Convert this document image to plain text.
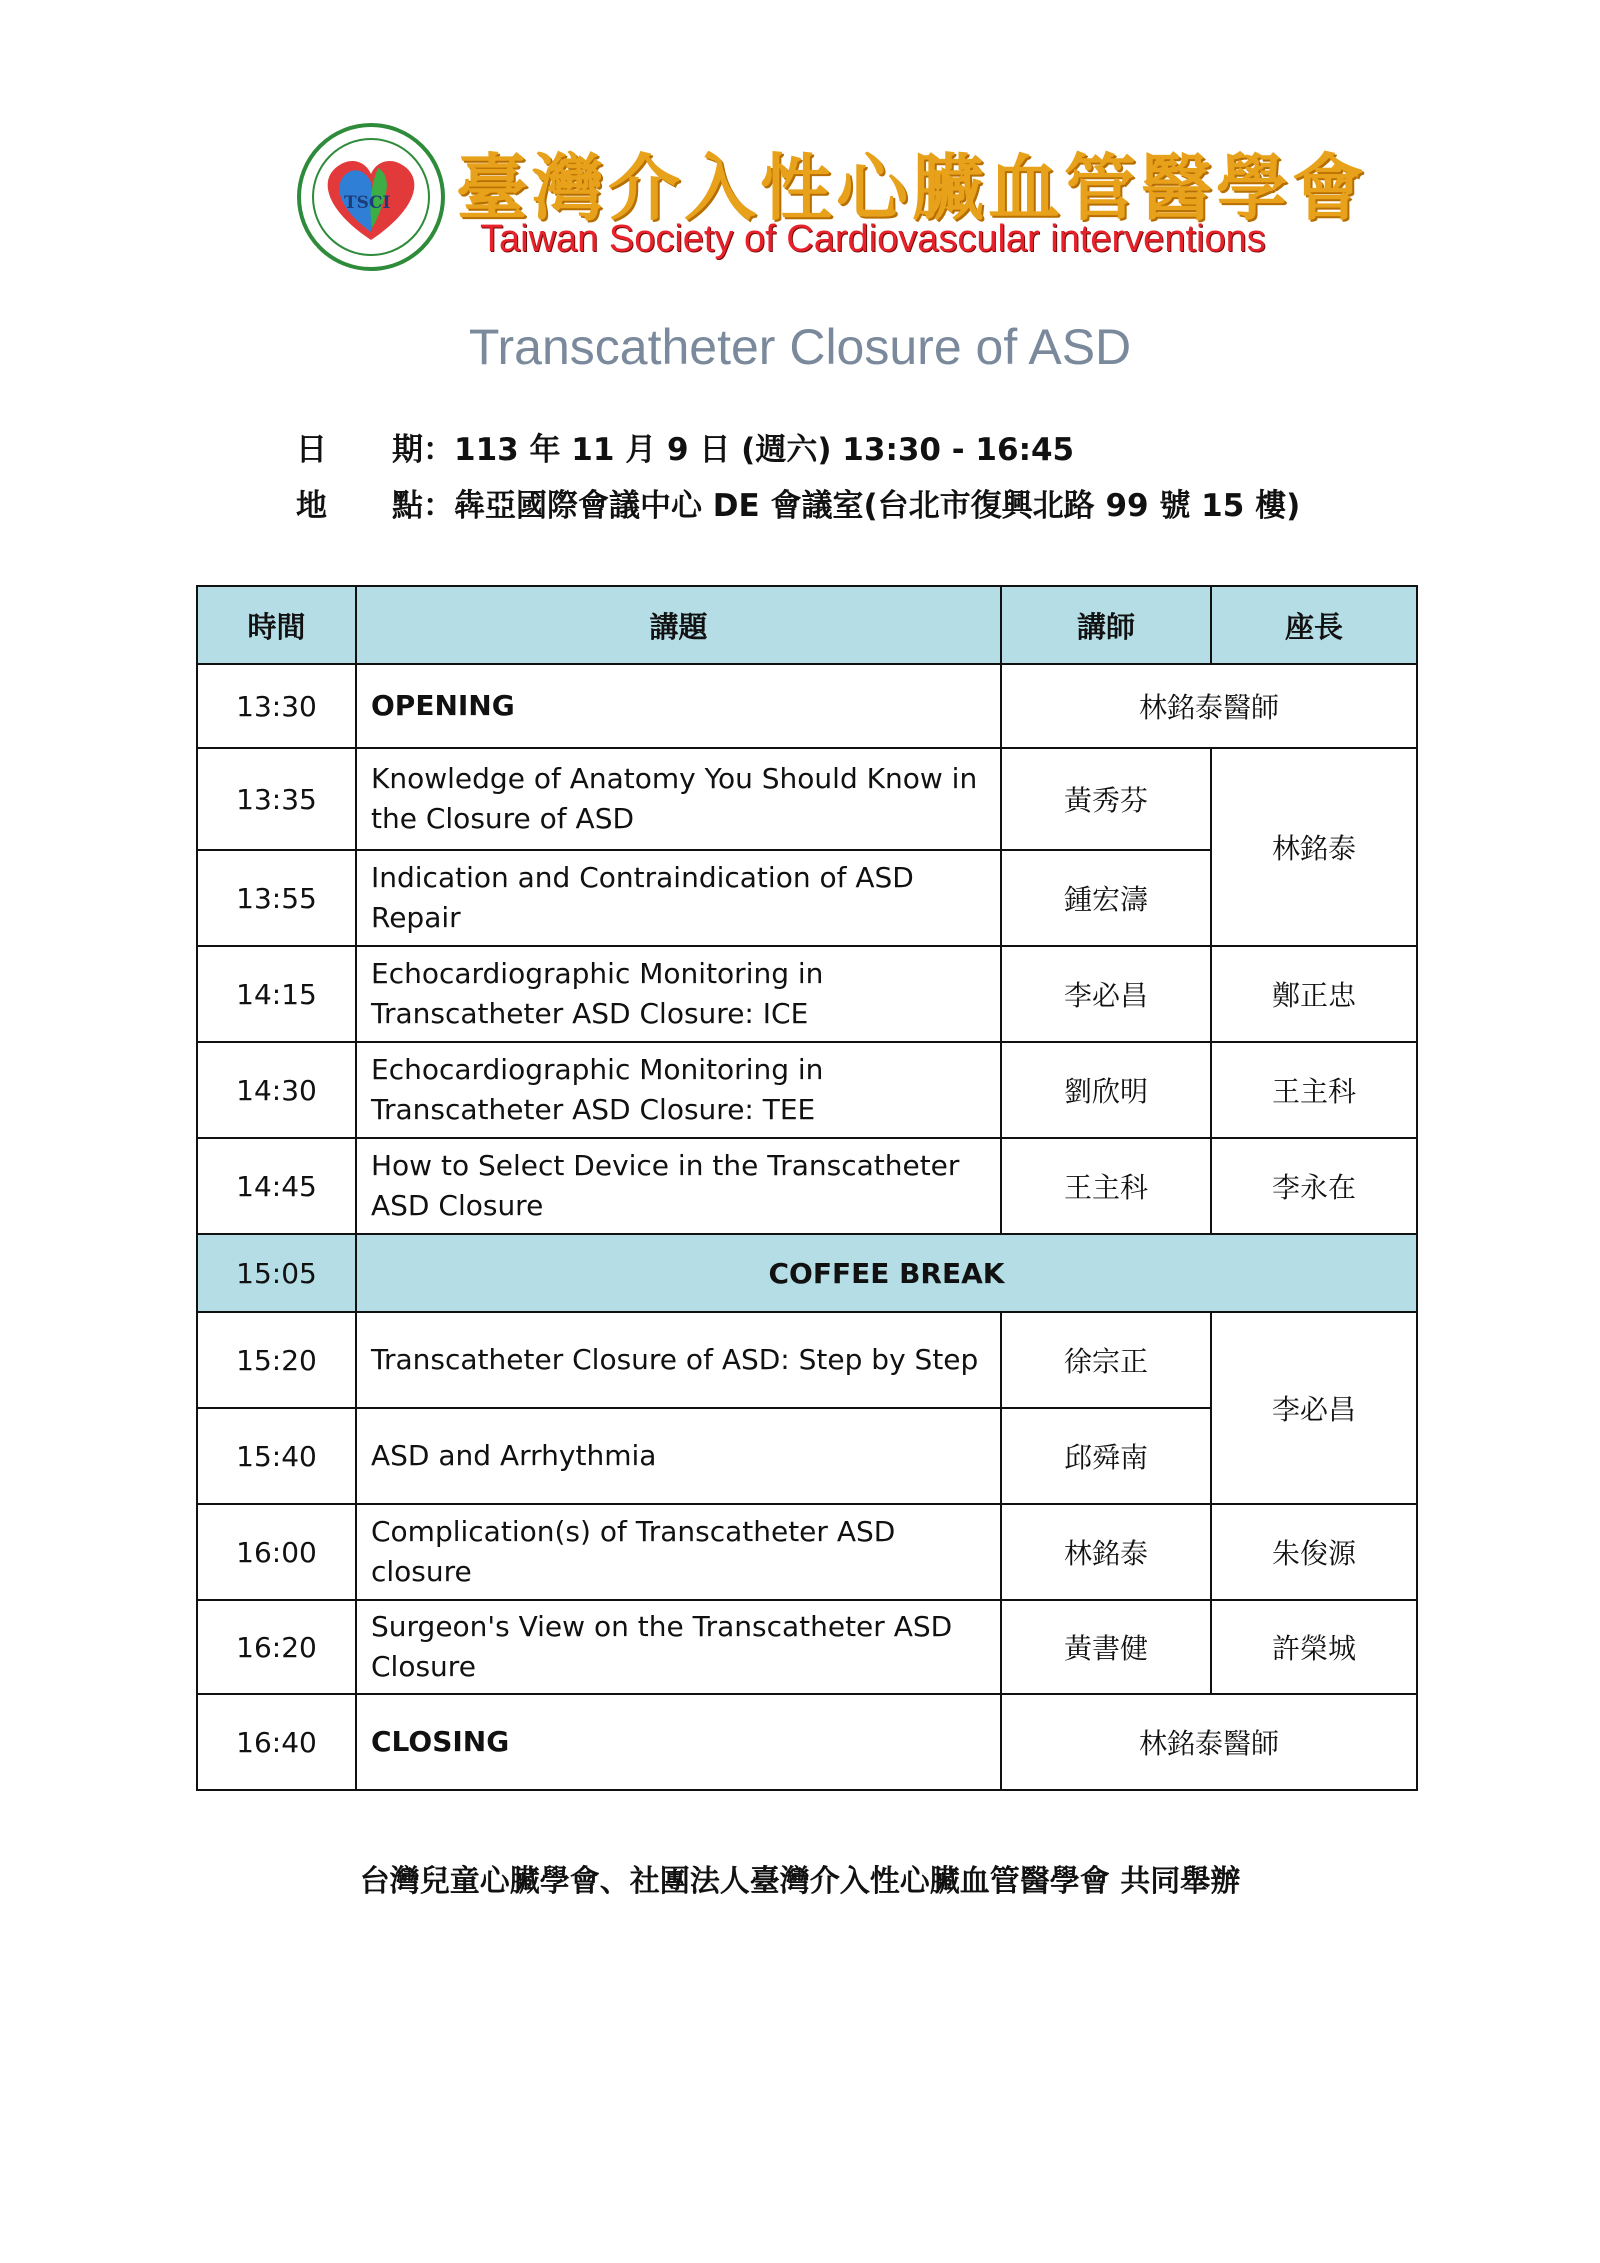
TSCI 臺灣介入性心臟血管醫學會
Taiwan Society of Cardiovascular interventions
Transcatheter Closure of ASD
日 期：113 年 11 月 9 日 (週六) 13:30 - 16:45
地 點：犇亞國際會議中心 DE 會議室(台北市復興北路 99 號 15 樓)
時間	講題	講師	座長
13:30	OPENING	林銘泰醫師	
13:35	Knowledge of Anatomy You Should Know in the Closure of ASD	黃秀芬	林銘泰
13:55	Indication and Contraindication of ASD Repair	鍾宏濤	
14:15	Echocardiographic Monitoring in Transcatheter ASD Closure: ICE	李必昌	鄭正忠
14:30	Echocardiographic Monitoring in Transcatheter ASD Closure: TEE	劉欣明	王主科
14:45	How to Select Device in the Transcatheter ASD Closure	王主科	李永在
15:05	COFFEE BREAK		
15:20	Transcatheter Closure of ASD: Step by Step	徐宗正	李必昌
15:40	ASD and Arrhythmia	邱舜南	
16:00	Complication(s) of Transcatheter ASD closure	林銘泰	朱俊源
16:20	Surgeon's View on the Transcatheter ASD Closure	黃書健	許榮城
16:40	CLOSING	林銘泰醫師	
台灣兒童心臟學會、社團法人臺灣介入性心臟血管醫學會 共同舉辦
